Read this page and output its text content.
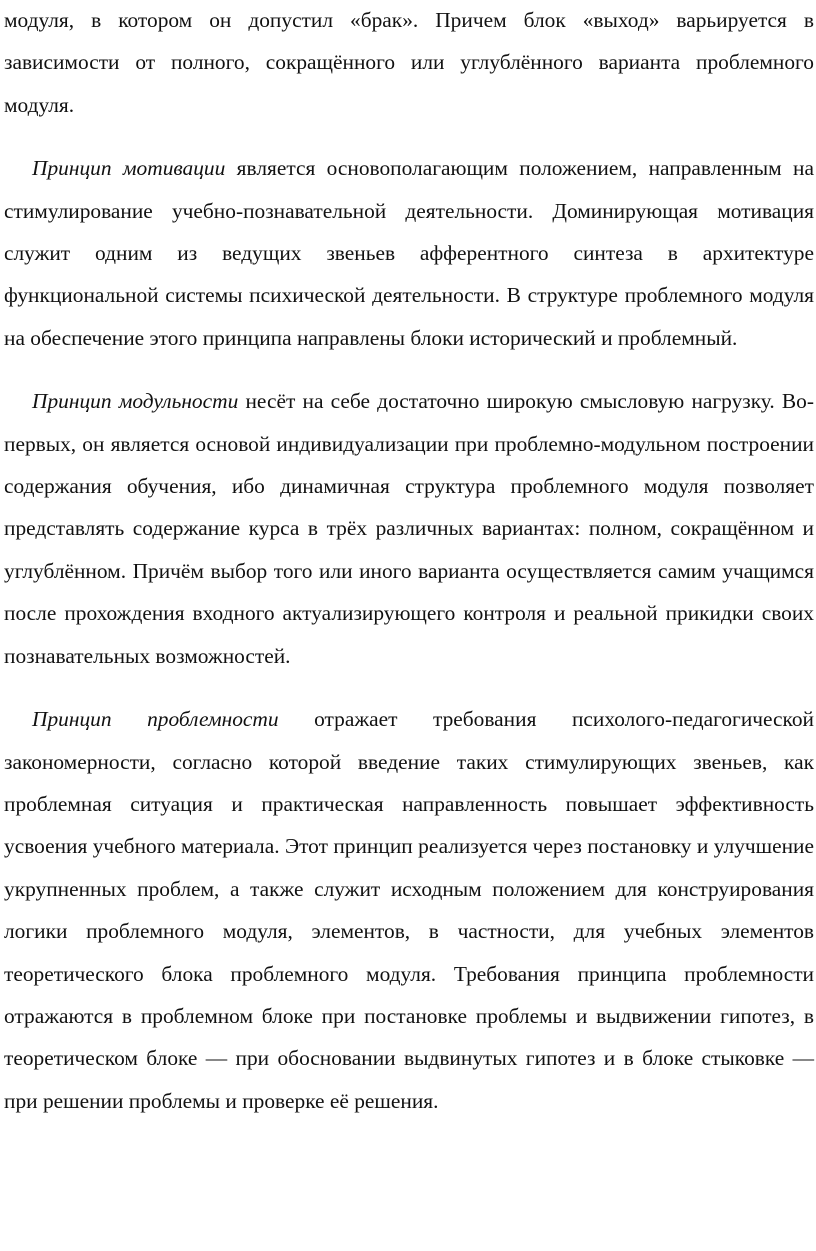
модуля, в котором он допустил «брак». Причем блок «выход» варьируется в зависимости от полного, сокращённого или углублённого варианта проблемного модуля.

Принцип мотивации является основополагающим положением, направленным на стимулирование учебно-познавательной деятельности. Доминирующая мотивация служит одним из ведущих звеньев афферентного синтеза в архитектуре функциональной системы психической деятельности. В структуре проблемного модуля на обеспечение этого принципа направлены блоки исторический и проблемный.

Принцип модульности несёт на себе достаточно широкую смысловую нагрузку. Во-первых, он является основой индивидуализации при проблемно-модульном построении содержания обучения, ибо динамичная структура проблемного модуля позволяет представлять содержание курса в трёх различных вариантах: полном, сокращённом и углублённом. Причём выбор того или иного варианта осуществляется самим учащимся после прохождения входного актуализирующего контроля и реальной прикидки своих познавательных возможностей.

Принцип проблемности отражает требования психолого-педагогической закономерности, согласно которой введение таких стимулирующих звеньев, как проблемная ситуация и практическая направленность повышает эффективность усвоения учебного материала. Этот принцип реализуется через постановку и улучшение укрупненных проблем, а также служит исходным положением для конструирования логики проблемного модуля, элементов, в частности, для учебных элементов теоретического блока проблемного модуля. Требования принципа проблемности отражаются в проблемном блоке при постановке проблемы и выдвижении гипотез, в теоретическом блоке — при обосновании выдвинутых гипотез и в блоке стыковке — при решении проблемы и проверке её решения.
